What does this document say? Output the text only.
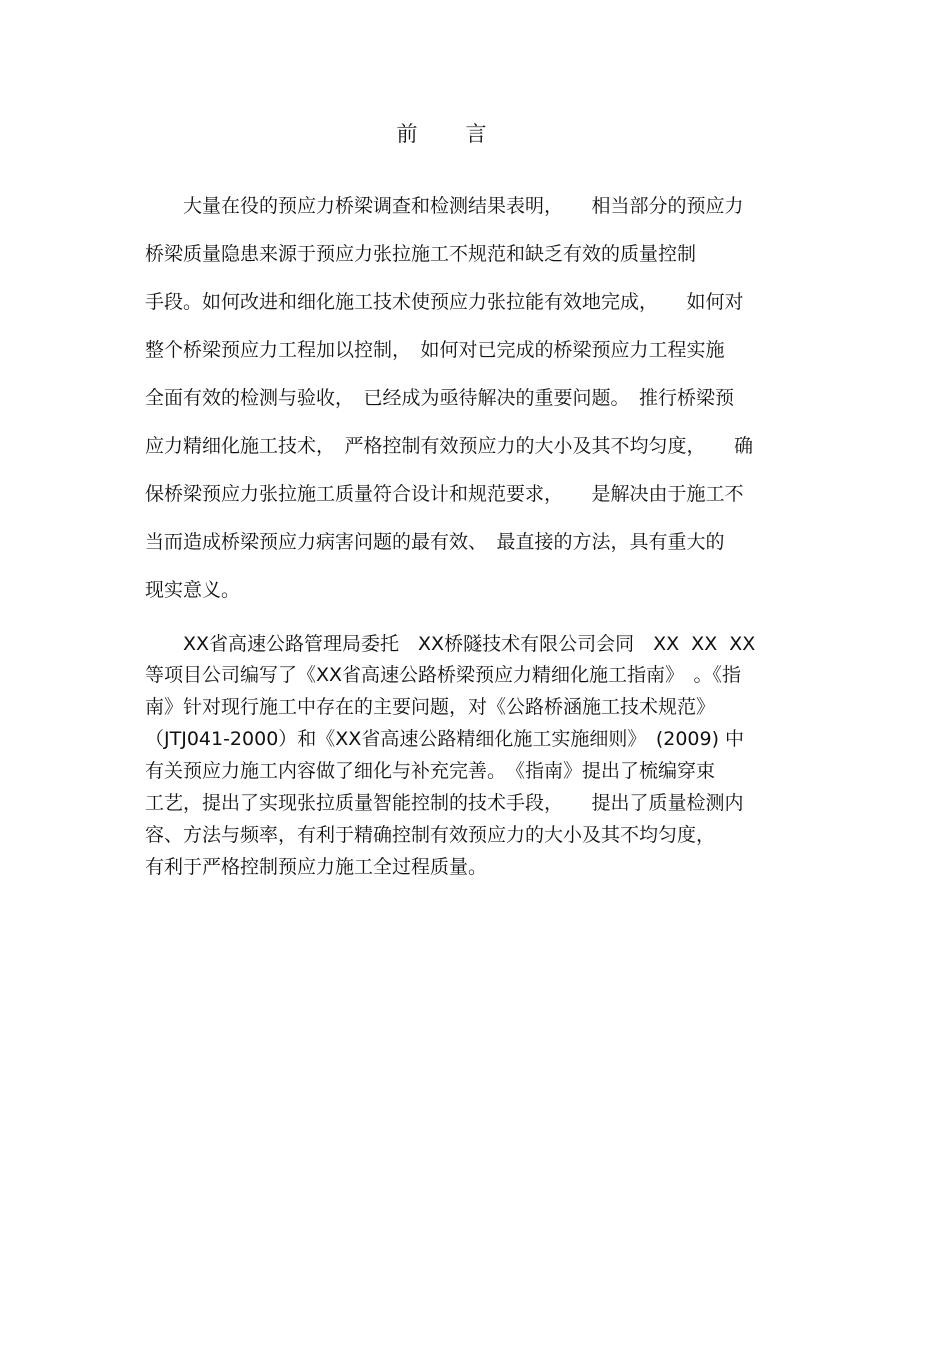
前　　言
　　大量在役的预应力桥梁调查和检测结果表明，　　相当部分的预应力
桥梁质量隐患来源于预应力张拉施工不规范和缺乏有效的质量控制
手段。如何改进和细化施工技术使预应力张拉能有效地完成，　　如何对
整个桥梁预应力工程加以控制，　如何对已完成的桥梁预应力工程实施
全面有效的检测与验收，　已经成为亟待解决的重要问题。　推行桥梁预
应力精细化施工技术，　严格控制有效预应力的大小及其不均匀度，　　确
保桥梁预应力张拉施工质量符合设计和规范要求，　　是解决由于施工不
当而造成桥梁预应力病害问题的最有效、　最直接的方法，具有重大的
现实意义。
　　XX省高速公路管理局委托　XX桥隧技术有限公司会同　XX  XX  XX
等项目公司编写了《XX省高速公路桥梁预应力精细化施工指南》　。《指
南》针对现行施工中存在的主要问题，对《公路桥涵施工技术规范》
（JTJ041-2000）和《XX省高速公路精细化施工实施细则》　(2009) 中
有关预应力施工内容做了细化与补充完善。　《指南》提出了梳编穿束
工艺，提出了实现张拉质量智能控制的技术手段，　　提出了质量检测内
容、方法与频率，有利于精确控制有效预应力的大小及其不均匀度，
有利于严格控制预应力施工全过程质量。
